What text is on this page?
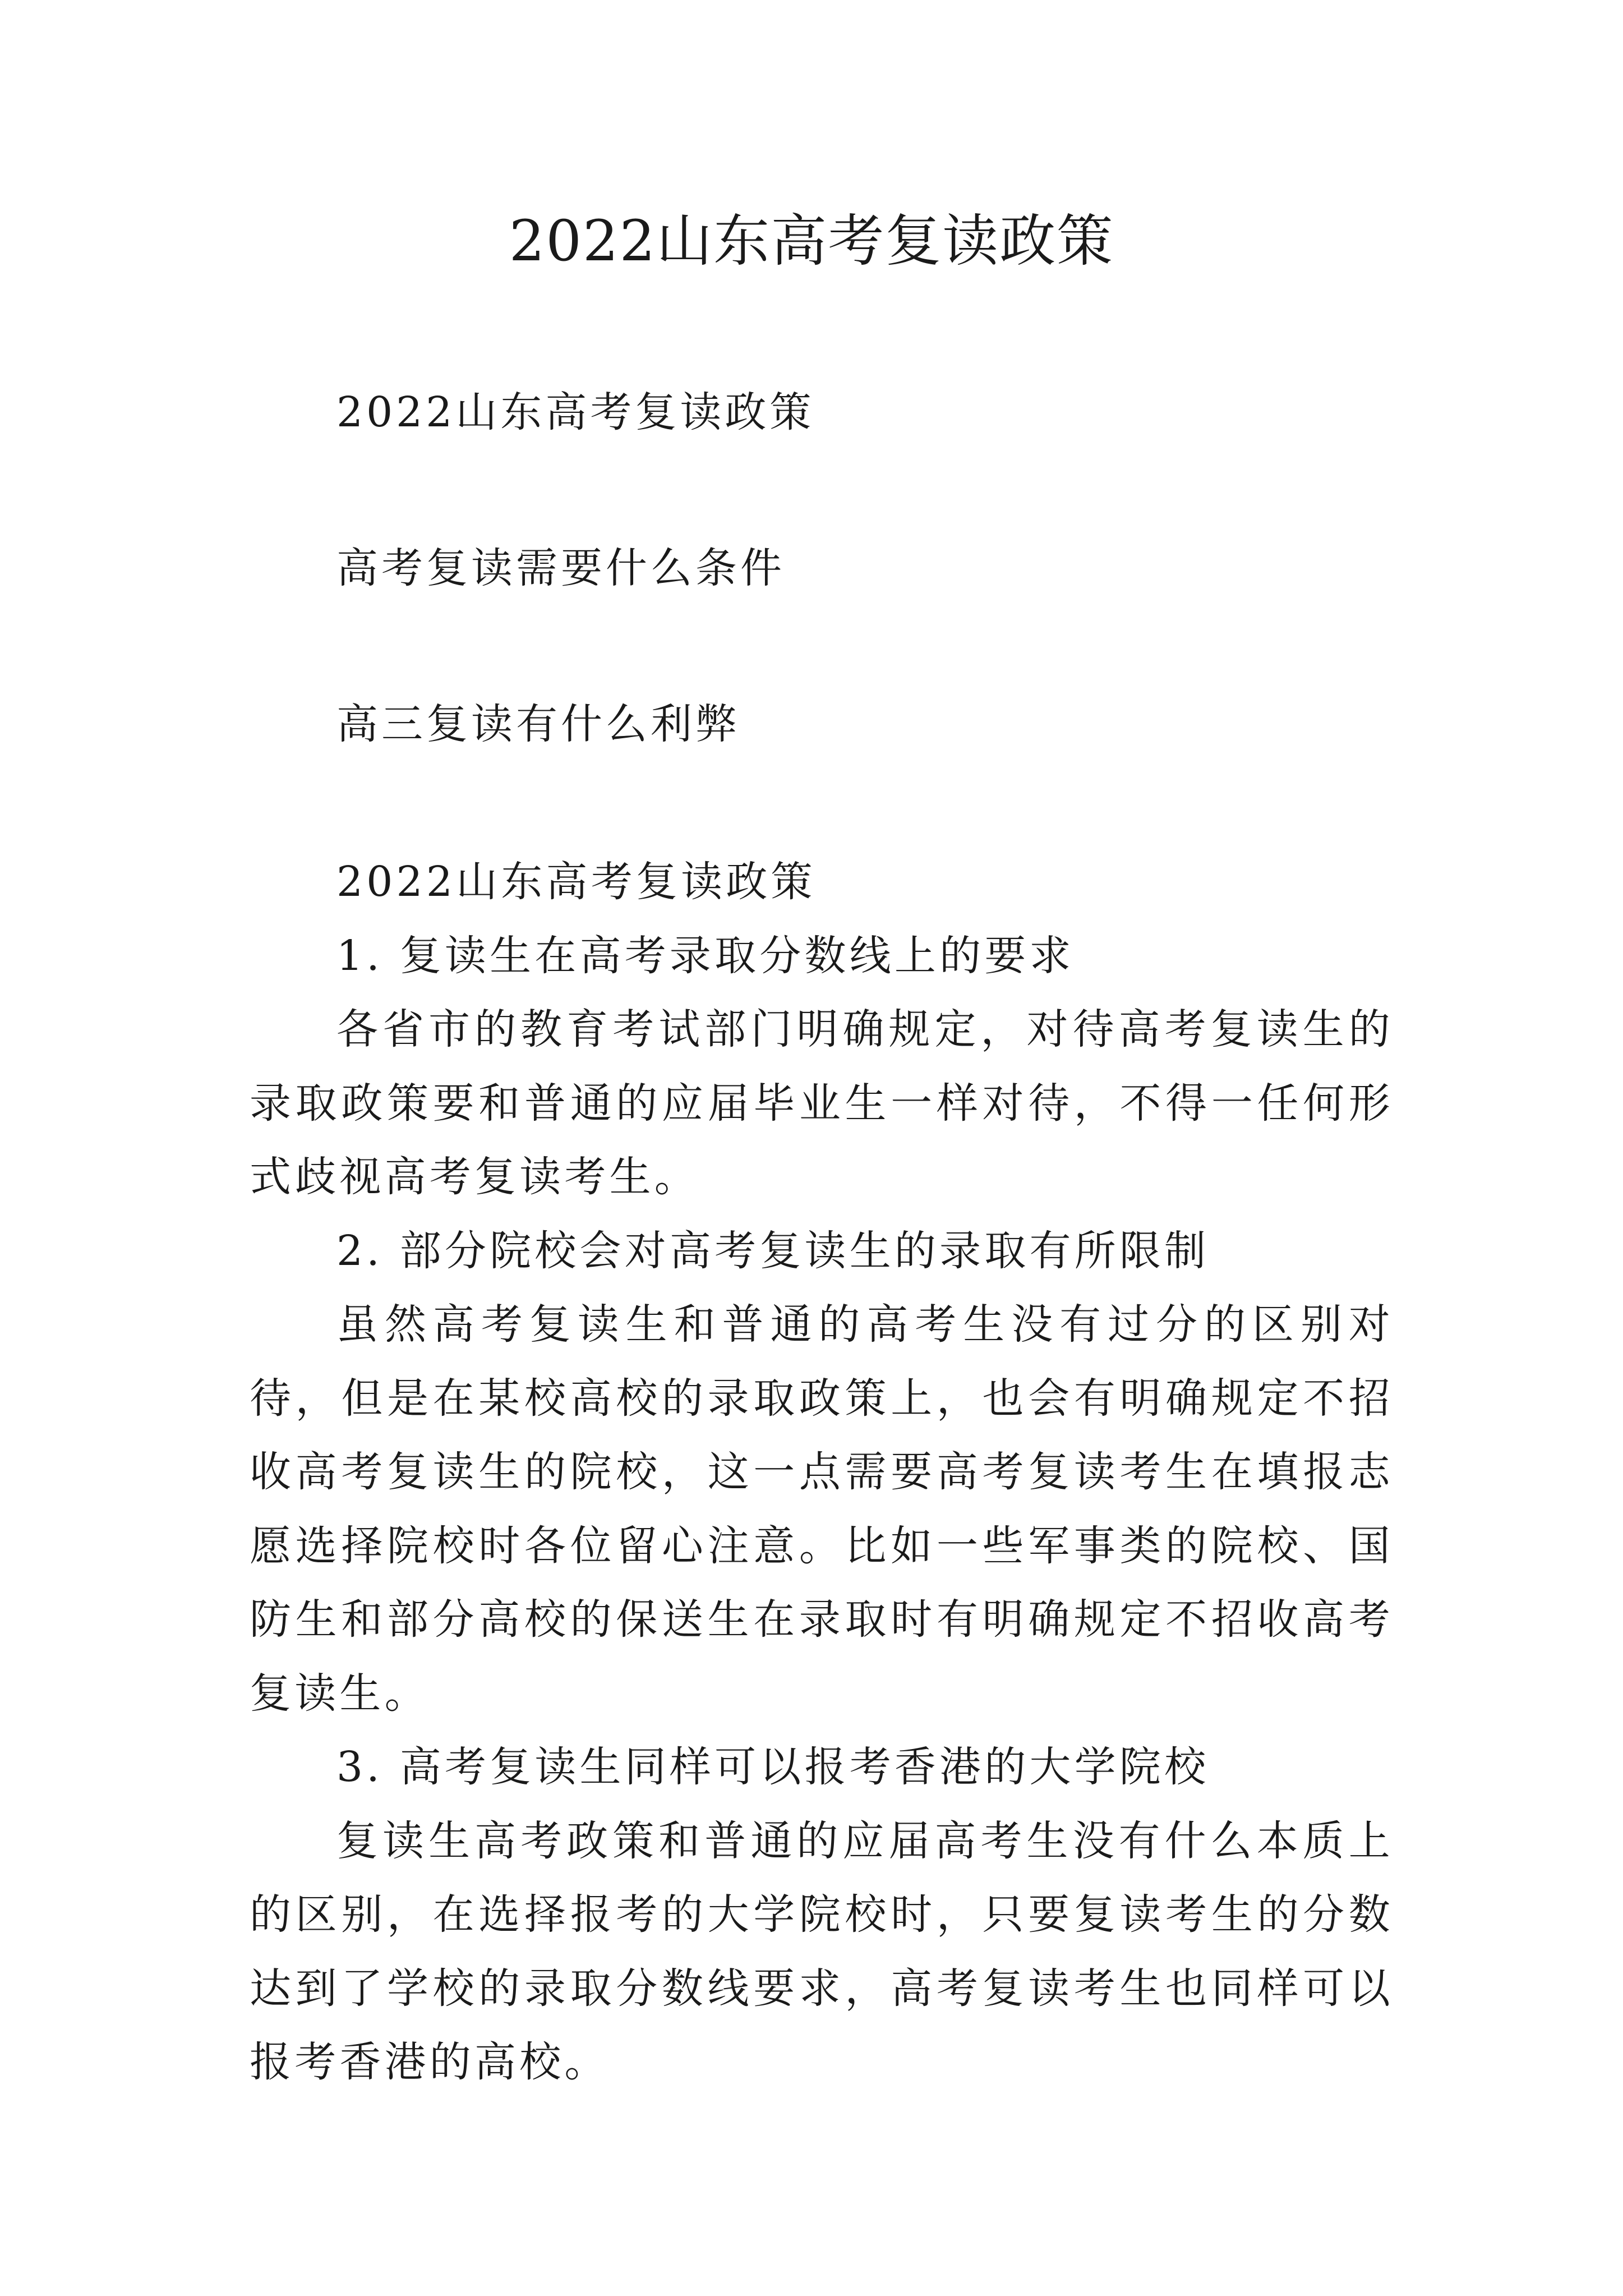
2022山东高考复读政策

2022山东高考复读政策

高考复读需要什么条件

高三复读有什么利弊

2022山东高考复读政策

1. 复读生在高考录取分数线上的要求

各省市的教育考试部门明确规定，对待高考复读生的录取政策要和普通的应届毕业生一样对待，不得一任何形式歧视高考复读考生。

2. 部分院校会对高考复读生的录取有所限制

虽然高考复读生和普通的高考生没有过分的区别对待，但是在某校高校的录取政策上，也会有明确规定不招收高考复读生的院校，这一点需要高考复读考生在填报志愿选择院校时各位留心注意。比如一些军事类的院校、国防生和部分高校的保送生在录取时有明确规定不招收高考复读生。

3. 高考复读生同样可以报考香港的大学院校

复读生高考政策和普通的应届高考生没有什么本质上的区别，在选择报考的大学院校时，只要复读考生的分数达到了学校的录取分数线要求，高考复读考生也同样可以报考香港的高校。
